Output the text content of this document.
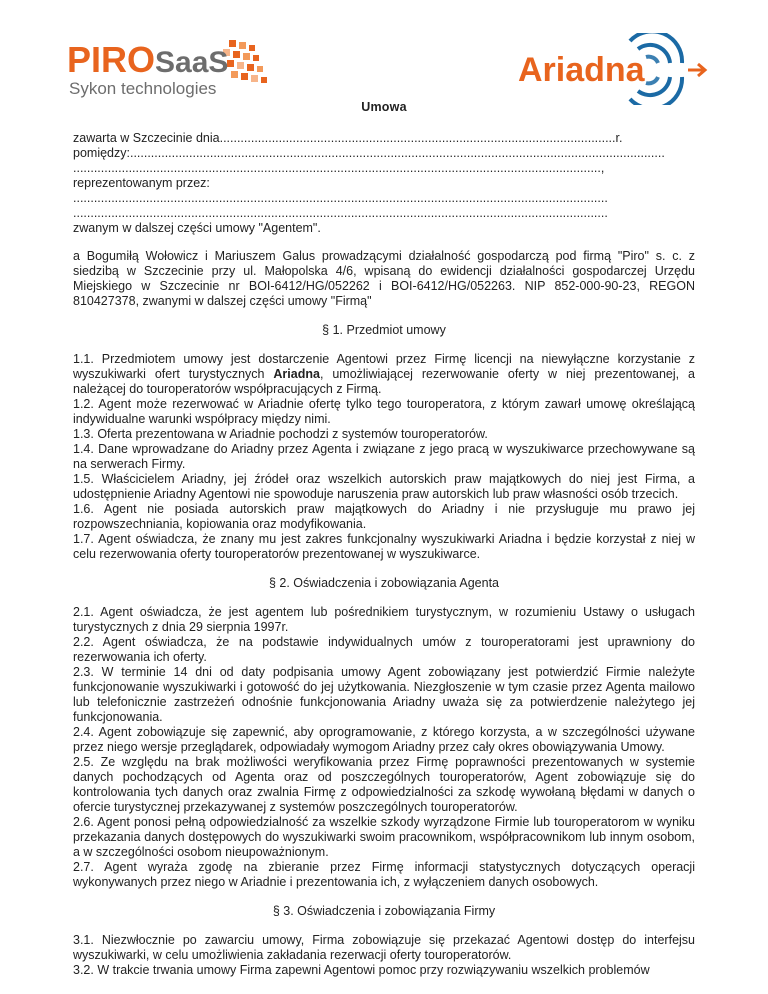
PIRO SaaS
Sykon technologies	Ariadna
Umowa
zawarta w Szczecinie dnia..................................................................................................................r.
pomiędzy:..........................................................................................................................................................
........................................................................................................................................................,
reprezentowanym przez:
..........................................................................................................................................................
..........................................................................................................................................................
zwanym w dalszej części umowy "Agentem".

a Bogumiłą Wołowicz i Mariuszem Galus prowadzącymi działalność gospodarczą pod firmą "Piro" s. c. z siedzibą w Szczecinie przy ul. Małopolska 4/6, wpisaną do ewidencji działalności gospodarczej Urzędu Miejskiego w Szczecinie nr BOI-6412/HG/052262 i BOI-6412/HG/052263. NIP 852-000-90-23, REGON 810427378, zwanymi w dalszej części umowy "Firmą"

§ 1. Przedmiot umowy

1.1. Przedmiotem umowy jest dostarczenie Agentowi przez Firmę licencji na niewyłączne korzystanie z wyszukiwarki ofert turystycznych Ariadna, umożliwiającej rezerwowanie oferty w niej prezentowanej, a należącej do touroperatorów współpracujących z Firmą.

1.2. Agent może rezerwować w Ariadnie ofertę tylko tego touroperatora, z którym zawarł umowę określającą indywidualne warunki współpracy między nimi.

1.3. Oferta prezentowana w Ariadnie pochodzi z systemów touroperatorów.

1.4. Dane wprowadzane do Ariadny przez Agenta i związane z jego pracą w wyszukiwarce przechowywane są na serwerach Firmy.

1.5. Właścicielem Ariadny, jej źródeł oraz wszelkich autorskich praw majątkowych do niej jest Firma, a udostępnienie Ariadny Agentowi nie spowoduje naruszenia praw autorskich lub praw własności osób trzecich.

1.6. Agent nie posiada autorskich praw majątkowych do Ariadny i nie przysługuje mu prawo jej rozpowszechniania, kopiowania oraz modyfikowania.

1.7. Agent oświadcza, że znany mu jest zakres funkcjonalny wyszukiwarki Ariadna i będzie korzystał z niej w celu rezerwowania oferty touroperatorów prezentowanej w wyszukiwarce.

§ 2. Oświadczenia i zobowiązania Agenta

2.1. Agent oświadcza, że jest agentem lub pośrednikiem turystycznym, w rozumieniu Ustawy o usługach turystycznych z dnia 29 sierpnia 1997r.

2.2. Agent oświadcza, że na podstawie indywidualnych umów z touroperatorami jest uprawniony do rezerwowania ich oferty.

2.3. W terminie 14 dni od daty podpisania umowy Agent zobowiązany jest potwierdzić Firmie należyte funkcjonowanie wyszukiwarki i gotowość do jej użytkowania. Niezgłoszenie w tym czasie przez Agenta mailowo lub telefonicznie zastrzeżeń odnośnie funkcjonowania Ariadny uważa się za potwierdzenie należytego jej funkcjonowania.

2.4. Agent zobowiązuje się zapewnić, aby oprogramowanie, z którego korzysta, a w szczególności używane przez niego wersje przeglądarek, odpowiadały wymogom Ariadny przez cały okres obowiązywania Umowy.

2.5. Ze względu na brak możliwości weryfikowania przez Firmę poprawności prezentowanych w systemie danych pochodzących od Agenta oraz od poszczególnych touroperatorów, Agent zobowiązuje się do kontrolowania tych danych oraz zwalnia Firmę z odpowiedzialności za szkodę wywołaną błędami w danych o ofercie turystycznej przekazywanej z systemów poszczególnych touroperatorów.

2.6. Agent ponosi pełną odpowiedzialność za wszelkie szkody wyrządzone Firmie lub touroperatorom w wyniku przekazania danych dostępowych do wyszukiwarki swoim pracownikom, współpracownikom lub innym osobom, a w szczególności osobom nieupoważnionym.

2.7. Agent wyraża zgodę na zbieranie przez Firmę informacji statystycznych dotyczących operacji wykonywanych przez niego w Ariadnie i prezentowania ich, z wyłączeniem danych osobowych.

§ 3. Oświadczenia i zobowiązania Firmy

3.1. Niezwłocznie po zawarciu umowy, Firma zobowiązuje się przekazać Agentowi dostęp do interfejsu wyszukiwarki, w celu umożliwienia zakładania rezerwacji oferty touroperatorów.

3.2. W trakcie trwania umowy Firma zapewni Agentowi pomoc przy rozwiązywaniu wszelkich problemów
